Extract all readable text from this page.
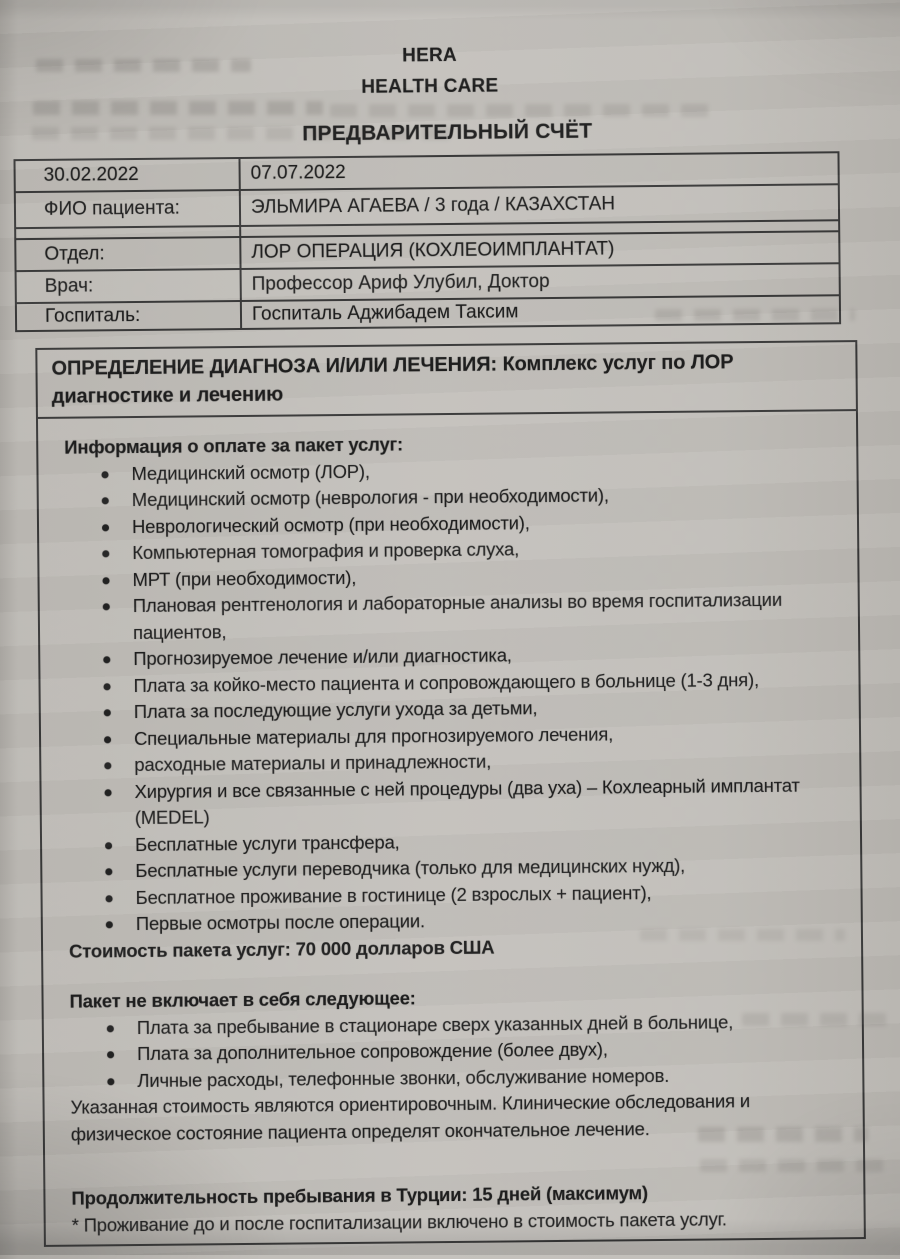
HERA
HEALTH CARE
ПРЕДВАРИТЕЛЬНЫЙ СЧЁТ
30.02.2022	07.07.2022
ФИО пациента:	ЭЛЬМИРА АГАЕВА / 3 года / КАЗАХСТАН

Отдел:	ЛОР ОПЕРАЦИЯ (КОХЛЕОИМПЛАНТАТ)
Врач:	Профессор Ариф Улубил, Доктор
Госпиталь:	Госпиталь Аджибадем Таксим
ОПРЕДЕЛЕНИЕ ДИАГНОЗА И/ИЛИ ЛЕЧЕНИЯ: Комплекс услуг по ЛОР диагностике и лечению

Информация о оплате за пакет услуг:

Медицинский осмотр (ЛОР),
Медицинский осмотр (неврология - при необходимости),
Неврологический осмотр (при необходимости),
Компьютерная томография и проверка слуха,
МРТ (при необходимости),
Плановая рентгенология и лабораторные анализы во время госпитализации пациентов,
Прогнозируемое лечение и/или диагностика,
Плата за койко-место пациента и сопровождающего в больнице (1-3 дня),
Плата за последующие услуги ухода за детьми,
Специальные материалы для прогнозируемого лечения,
расходные материалы и принадлежности,
Хирургия и все связанные с ней процедуры (два уха) – Кохлеарный имплантат (MEDEL)
Бесплатные услуги трансфера,
Бесплатные услуги переводчика (только для медицинских нужд),
Бесплатное проживание в гостинице (2 взрослых + пациент),
Первые осмотры после операции.

Стоимость пакета услуг: 70 000 долларов США

Пакет не включает в себя следующее:

Плата за пребывание в стационаре сверх указанных дней в больнице,
Плата за дополнительное сопровождение (более двух),
Личные расходы, телефонные звонки, обслуживание номеров.

Указанная стоимость являются ориентировочным. Клинические обследования и физическое состояние пациента определят окончательное лечение.

Продолжительность пребывания в Турции: 15 дней (максимум)

* Проживание до и после госпитализации включено в стоимость пакета услуг.
